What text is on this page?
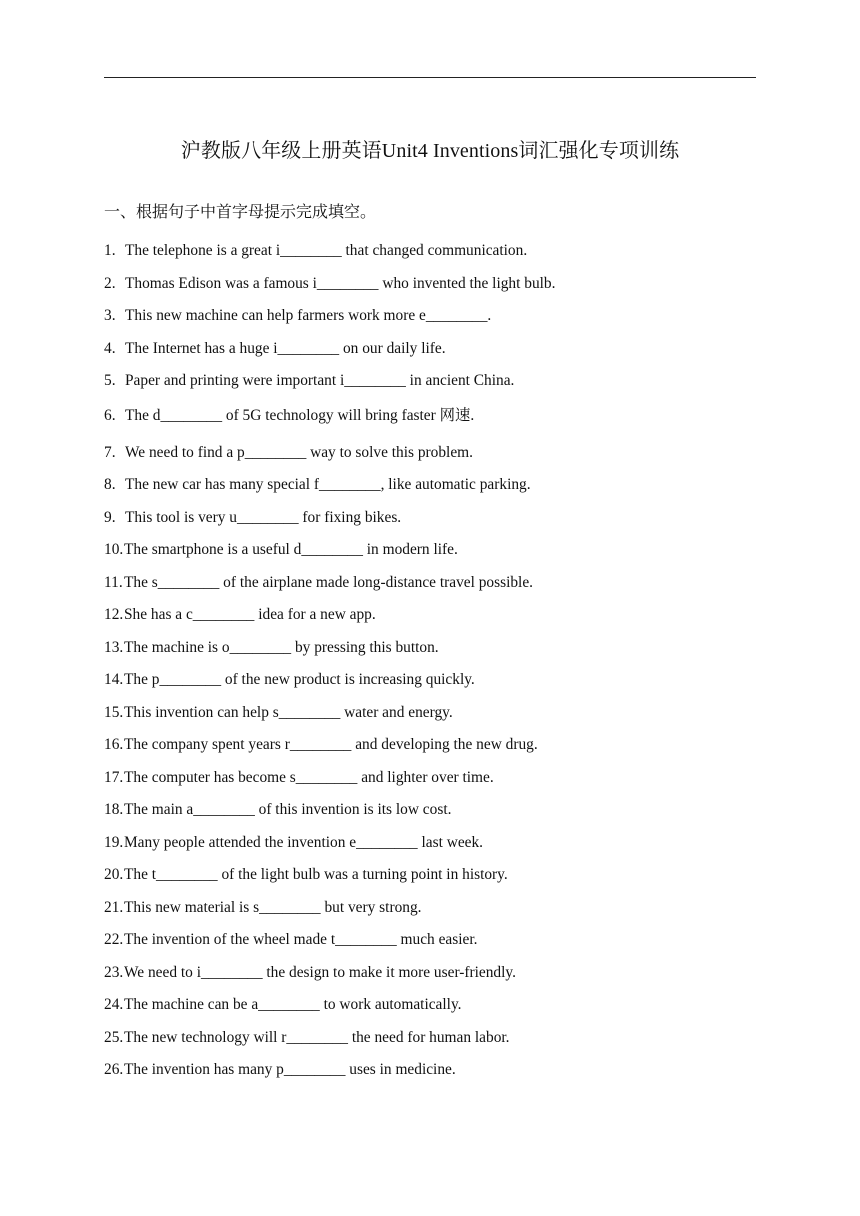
沪教版八年级上册英语Unit4 Inventions词汇强化专项训练
一、根据句子中首字母提示完成填空。
1. The telephone is a great i________ that changed communication.
2. Thomas Edison was a famous i________ who invented the light bulb.
3. This new machine can help farmers work more e________.
4. The Internet has a huge i________ on our daily life.
5. Paper and printing were important i________ in ancient China.
6. The d________ of 5G technology will bring faster 网速.
7. We need to find a p________ way to solve this problem.
8. The new car has many special f________, like automatic parking.
9. This tool is very u________ for fixing bikes.
10.The smartphone is a useful d________ in modern life.
11.The s________ of the airplane made long-distance travel possible.
12.She has a c________ idea for a new app.
13.The machine is o________ by pressing this button.
14.The p________ of the new product is increasing quickly.
15.This invention can help s________ water and energy.
16.The company spent years r________ and developing the new drug.
17.The computer has become s________ and lighter over time.
18.The main a________ of this invention is its low cost.
19.Many people attended the invention e________ last week.
20.The t________ of the light bulb was a turning point in history.
21.This new material is s________ but very strong.
22.The invention of the wheel made t________ much easier.
23.We need to i________ the design to make it more user-friendly.
24.The machine can be a________ to work automatically.
25.The new technology will r________ the need for human labor.
26.The invention has many p________ uses in medicine.
